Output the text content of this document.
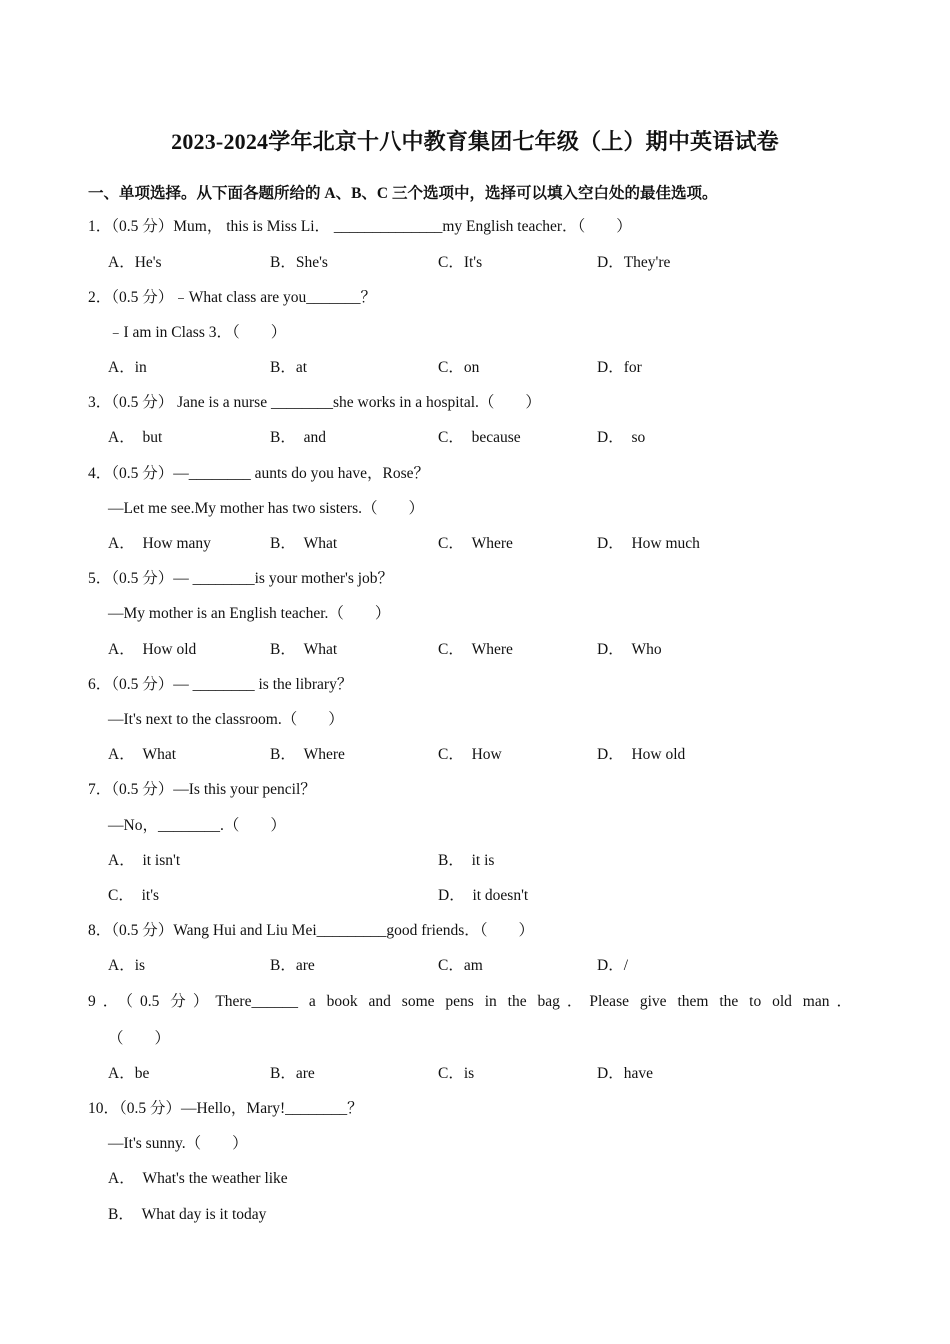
2023-2024学年北京十八中教育集团七年级（上）期中英语试卷
一、单项选择。从下面各题所给的 A、B、C 三个选项中，选择可以填入空白处的最佳选项。
1．（0.5 分）Mum， this is Miss Li． ______________my English teacher．（　　）
A．He's	B．She's	C．It's	D．They're
2．（0.5 分）﹣What class are you_______？
﹣I am in Class 3．（　　）
A．in	B．at	C．on	D．for
3．（0.5 分） Jane is a nurse ________she works in a hospital.（　　）
A．　but	B．　and	C．　because	D．　so
4．（0.5 分）—________ aunts do you have，Rose？
—Let me see.My mother has two sisters.（　　）
A．　How many	B．　What	C．　Where	D．　How much
5．（0.5 分）— ________is your mother's job？
—My mother is an English teacher.（　　）
A．　How old	B．　What	C．　Where	D．　Who
6．（0.5 分）— ________ is the library？
—It's next to the classroom.（　　）
A．　What	B．　Where	C．　How	D．　How old
7．（0.5 分）—Is this your pencil？
—No，________.（　　）
A．　it isn't	B．　it is
C．　it's	D．　it doesn't
8．（0.5 分）Wang Hui and Liu Mei_________good friends．（　　）
A．is	B．are	C．am	D．/
9．（0.5 分）There______ a book and some pens in the bag．Please give them the to old man．
（　　）
A．be	B．are	C．is	D．have
10．（0.5 分）—Hello，Mary!________？
—It's sunny.（　　）
A．　What's the weather like
B．　What day is it today
